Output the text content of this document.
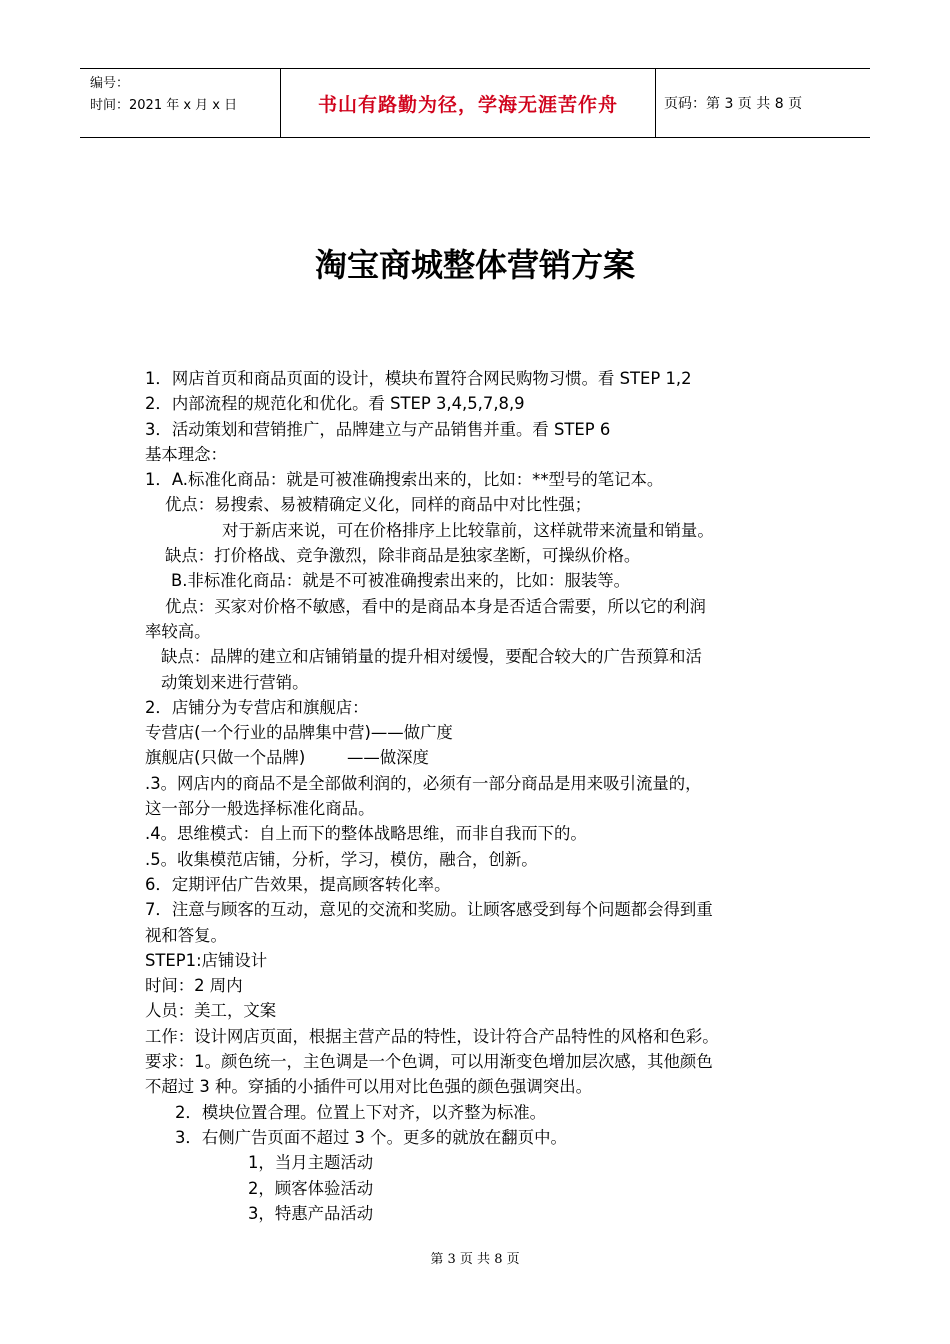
编号：
时间：2021 年 x 月 x 日	书山有路勤为径，学海无涯苦作舟	页码：第 3 页 共 8 页
淘宝商城整体营销方案

1．网店首页和商品页面的设计，模块布置符合网民购物习惯。看 STEP 1,2

2．内部流程的规范化和优化。看 STEP 3,4,5,7,8,9

3．活动策划和营销推广，品牌建立与产品销售并重。看 STEP 6

基本理念：

1．A.标准化商品：就是可被准确搜索出来的，比如：**型号的笔记本。

优点：易搜索、易被精确定义化，同样的商品中对比性强；

对于新店来说，可在价格排序上比较靠前，这样就带来流量和销量。

缺点：打价格战、竞争激烈，除非商品是独家垄断，可操纵价格。

B.非标准化商品：就是不可被准确搜索出来的，比如：服装等。

优点：买家对价格不敏感，看中的是商品本身是否适合需要，所以它的利润

率较高。

缺点：品牌的建立和店铺销量的提升相对缓慢，要配合较大的广告预算和活

动策划来进行营销。

2．店铺分为专营店和旗舰店：

专营店(一个行业的品牌集中营)——做广度

旗舰店(只做一个品牌)        ——做深度

.3。网店内的商品不是全部做利润的，必须有一部分商品是用来吸引流量的，

这一部分一般选择标准化商品。

.4。思维模式：自上而下的整体战略思维，而非自我而下的。

.5。收集模范店铺，分析，学习，模仿，融合，创新。

6．定期评估广告效果，提高顾客转化率。

7．注意与顾客的互动，意见的交流和奖励。让顾客感受到每个问题都会得到重

视和答复。

STEP1:店铺设计

时间：2 周内

人员：美工，文案

工作：设计网店页面，根据主营产品的特性，设计符合产品特性的风格和色彩。

要求：1。颜色统一，主色调是一个色调，可以用渐变色增加层次感，其他颜色

不超过 3 种。穿插的小插件可以用对比色强的颜色强调突出。

2．模块位置合理。位置上下对齐，以齐整为标准。

3．右侧广告页面不超过 3 个。更多的就放在翻页中。

1，当月主题活动

2，顾客体验活动

3，特惠产品活动

第 3 页 共 8 页
